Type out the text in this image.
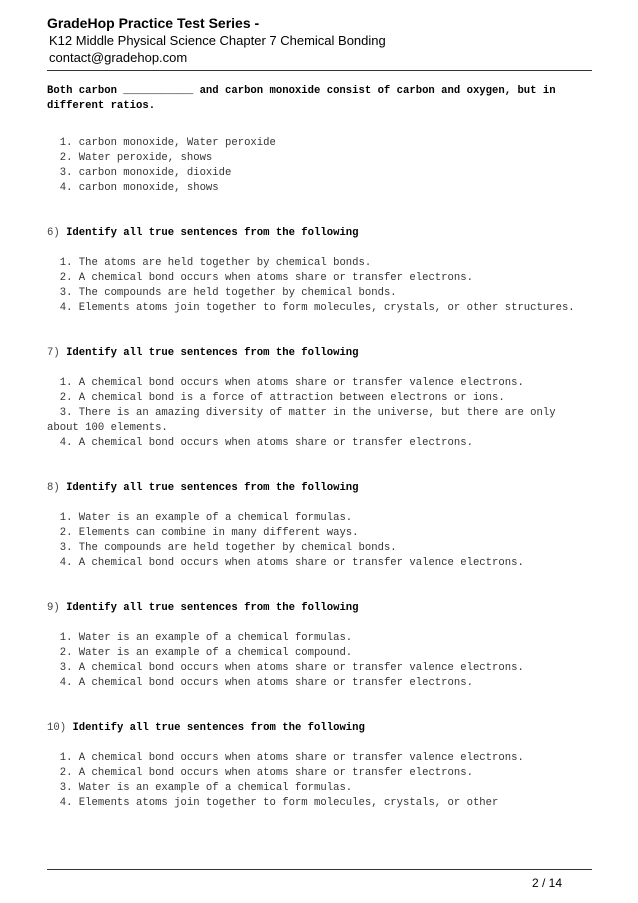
GradeHop Practice Test Series -
K12 Middle Physical Science Chapter 7 Chemical Bonding
contact@gradehop.com
Both carbon ___________ and carbon monoxide consist of carbon and oxygen, but in different ratios.
1. carbon monoxide, Water peroxide
2. Water peroxide, shows
3. carbon monoxide, dioxide
4. carbon monoxide, shows
6) Identify all true sentences from the following
1. The atoms are held together by chemical bonds.
2. A chemical bond occurs when atoms share or transfer electrons.
3. The compounds are held together by chemical bonds.
4. Elements atoms join together to form molecules, crystals, or other structures.
7) Identify all true sentences from the following
1. A chemical bond occurs when atoms share or transfer valence electrons.
2. A chemical bond is a force of attraction between electrons or ions.
3. There is an amazing diversity of matter in the universe, but there are only about 100 elements.
4. A chemical bond occurs when atoms share or transfer electrons.
8) Identify all true sentences from the following
1. Water is an example of a chemical formulas.
2. Elements can combine in many different ways.
3. The compounds are held together by chemical bonds.
4. A chemical bond occurs when atoms share or transfer valence electrons.
9) Identify all true sentences from the following
1. Water is an example of a chemical formulas.
2. Water is an example of a chemical compound.
3. A chemical bond occurs when atoms share or transfer valence electrons.
4. A chemical bond occurs when atoms share or transfer electrons.
10) Identify all true sentences from the following
1. A chemical bond occurs when atoms share or transfer valence electrons.
2. A chemical bond occurs when atoms share or transfer electrons.
3. Water is an example of a chemical formulas.
4. Elements atoms join together to form molecules, crystals, or other
2 / 14
